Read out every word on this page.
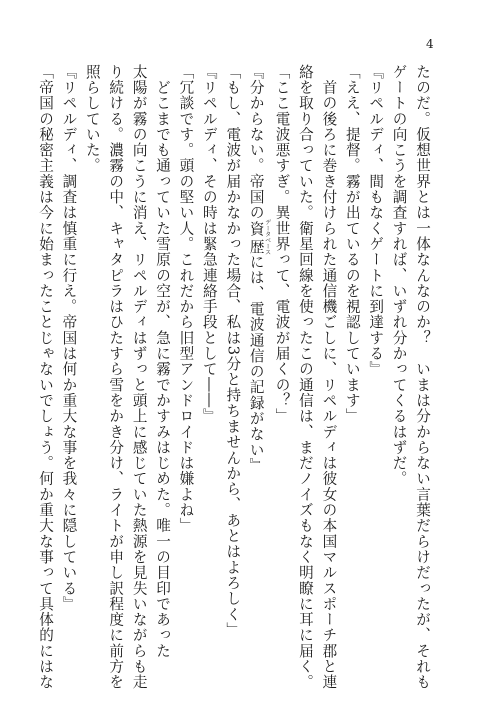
4
たのだ。仮想世界とは一体なんなのか？　いまは分からない言葉だらけだったが、それも
ゲートの向こうを調査すれば、いずれ分かってくるはずだ。
『リペルディ、間もなくゲートに到達する』
「ええ、提督。霧が出ているのを視認しています」
　首の後ろに巻き付けられた通信機ごしに、リペルディは彼女の本国マルスポーチ郡と連
絡を取り合っていた。衛星回線を使ったこの通信は、まだノイズもなく明瞭に耳に届く。
「ここ電波悪すぎ。異世界って、電波が届くの？」
『分からない。帝国の資歴 データベースには、電波通信の記録がない』
「もし、電波が届かなかった場合、私は3分と持ちませんから、あとはよろしく」
『リペルディ、その時は緊急連絡手段として――』
「冗談です。頭の堅い人。これだから旧型アンドロイドは嫌よね」
　どこまでも通っていた雪原の空が、急に霧でかすみはじめた。唯一の目印であった
太陽が霧の向こうに消え、リペルディはずっと頭上に感じていた熱源を見失いながらも走
り続ける。濃霧の中、キャタピラはひたすら雪をかき分け、ライトが申し訳程度に前方を
照らしていた。
『リペルディ、調査は慎重に行え。帝国は何か重大な事を我々に隠している』
「帝国の秘密主義は今に始まったことじゃないでしょう。何か重大な事って具体的にはな
